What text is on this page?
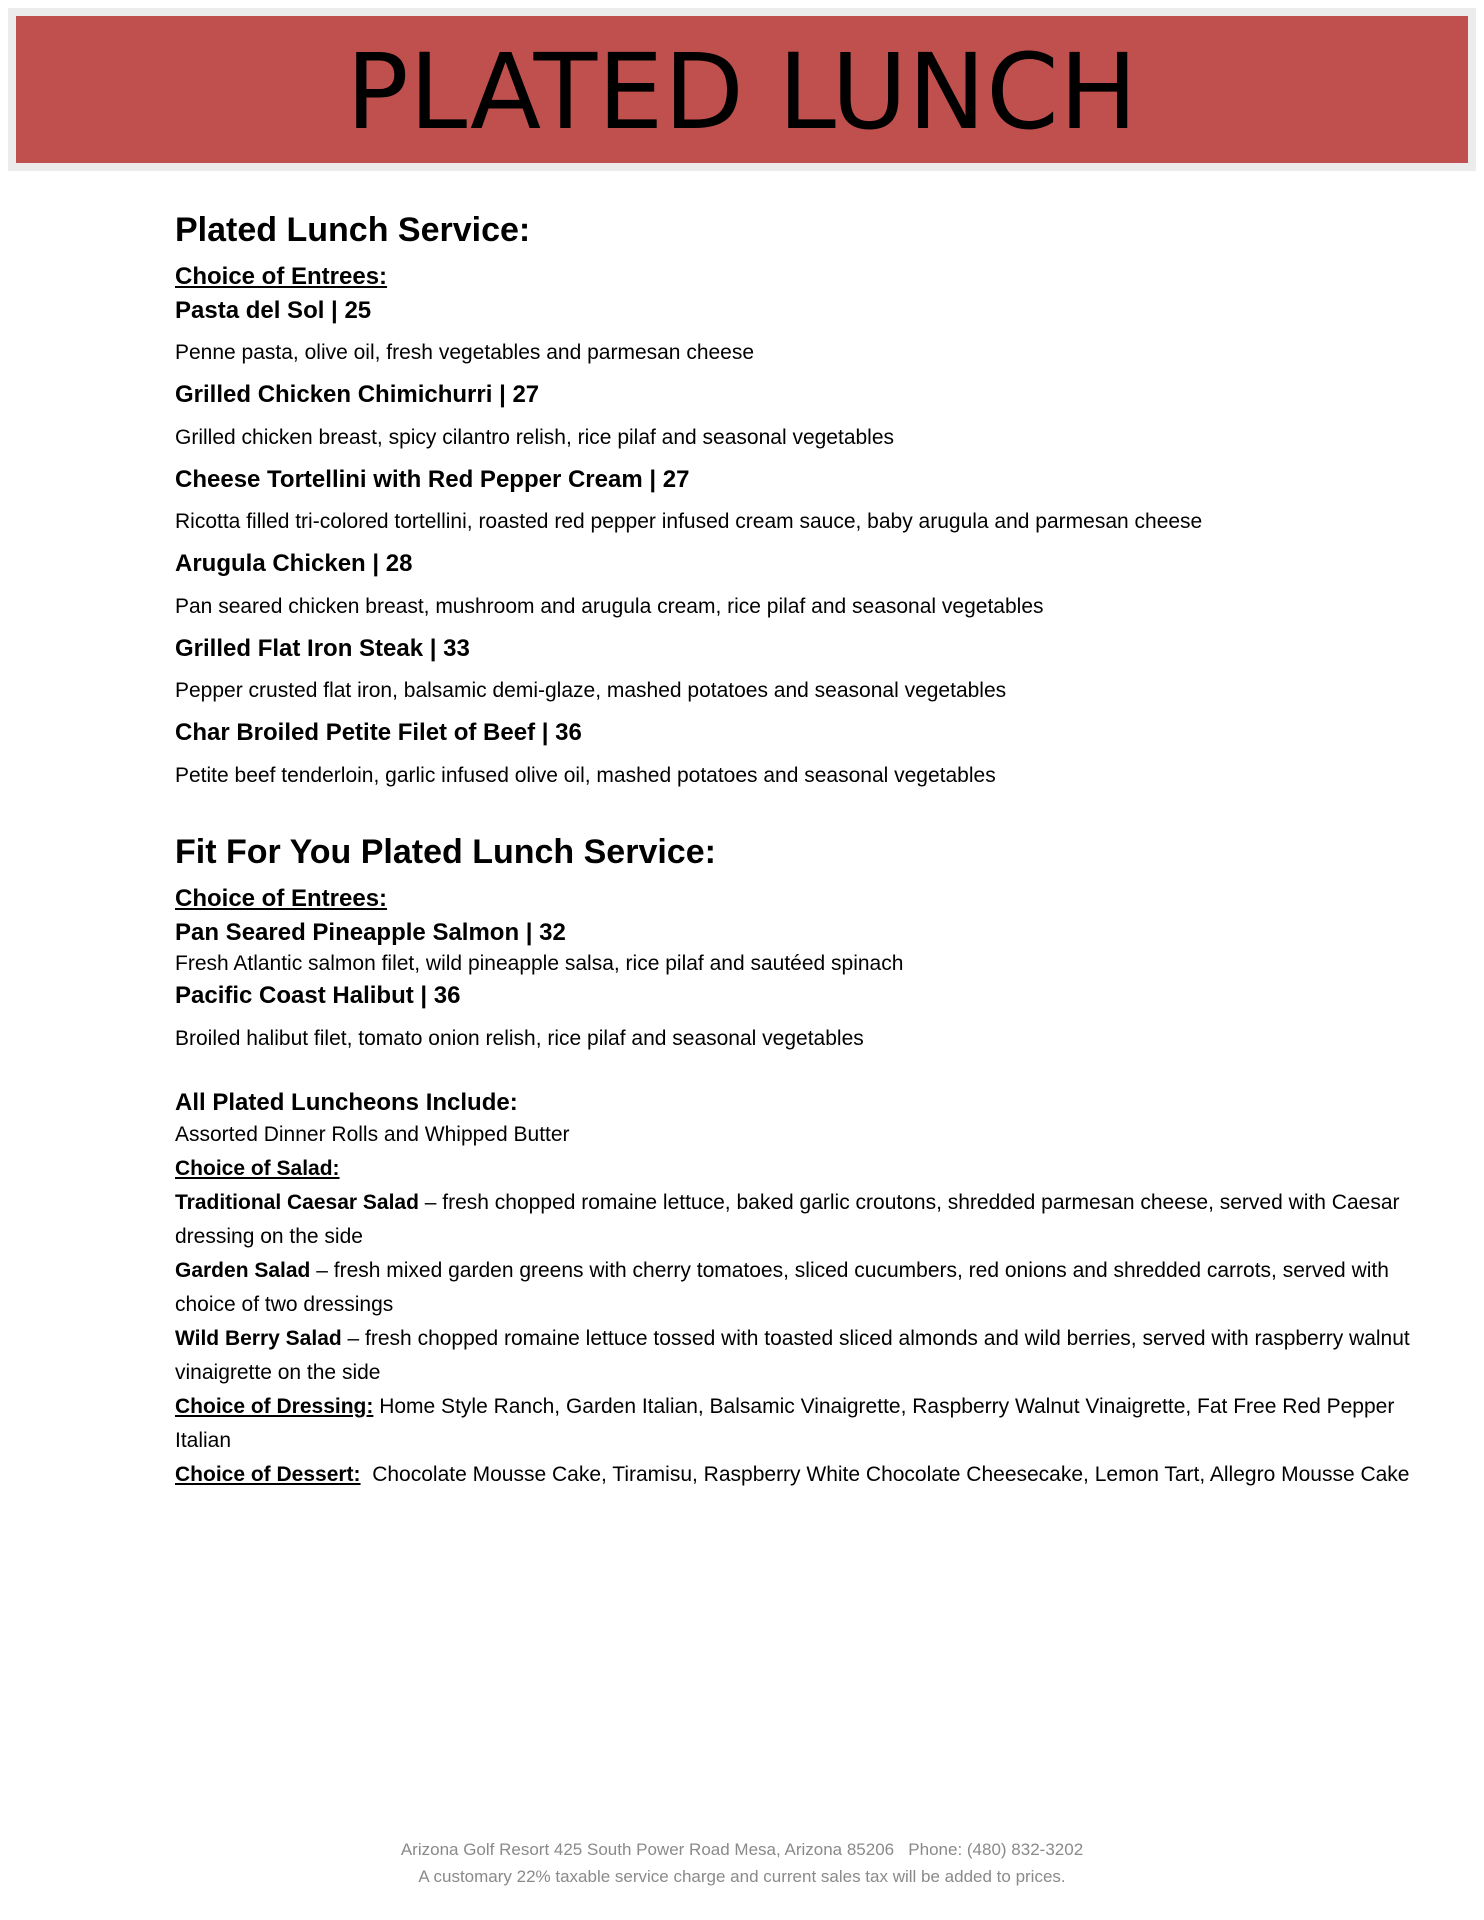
PLATED LUNCH
Plated Lunch Service:
Choice of Entrees:
Pasta del Sol | 25
Penne pasta, olive oil, fresh vegetables and parmesan cheese
Grilled Chicken Chimichurri | 27
Grilled chicken breast, spicy cilantro relish, rice pilaf and seasonal vegetables
Cheese Tortellini with Red Pepper Cream | 27
Ricotta filled tri-colored tortellini, roasted red pepper infused cream sauce, baby arugula and parmesan cheese
Arugula Chicken | 28
Pan seared chicken breast, mushroom and arugula cream, rice pilaf and seasonal vegetables
Grilled Flat Iron Steak | 33
Pepper crusted flat iron, balsamic demi-glaze, mashed potatoes and seasonal vegetables
Char Broiled Petite Filet of Beef | 36
Petite beef tenderloin, garlic infused olive oil, mashed potatoes and seasonal vegetables
Fit For You Plated Lunch Service:
Choice of Entrees:
Pan Seared Pineapple Salmon | 32
Fresh Atlantic salmon filet, wild pineapple salsa, rice pilaf and sautéed spinach
Pacific Coast Halibut | 36
Broiled halibut filet, tomato onion relish, rice pilaf and seasonal vegetables
All Plated Luncheons Include:
Assorted Dinner Rolls and Whipped Butter
Choice of Salad:
Traditional Caesar Salad – fresh chopped romaine lettuce, baked garlic croutons, shredded parmesan cheese, served with Caesar dressing on the side
Garden Salad – fresh mixed garden greens with cherry tomatoes, sliced cucumbers, red onions and shredded carrots, served with choice of two dressings
Wild Berry Salad – fresh chopped romaine lettuce tossed with toasted sliced almonds and wild berries, served with raspberry walnut vinaigrette on the side
Choice of Dressing: Home Style Ranch, Garden Italian, Balsamic Vinaigrette, Raspberry Walnut Vinaigrette, Fat Free Red Pepper Italian
Choice of Dessert:  Chocolate Mousse Cake, Tiramisu, Raspberry White Chocolate Cheesecake, Lemon Tart, Allegro Mousse Cake
Arizona Golf Resort 425 South Power Road Mesa, Arizona 85206   Phone: (480) 832-3202
A customary 22% taxable service charge and current sales tax will be added to prices.
